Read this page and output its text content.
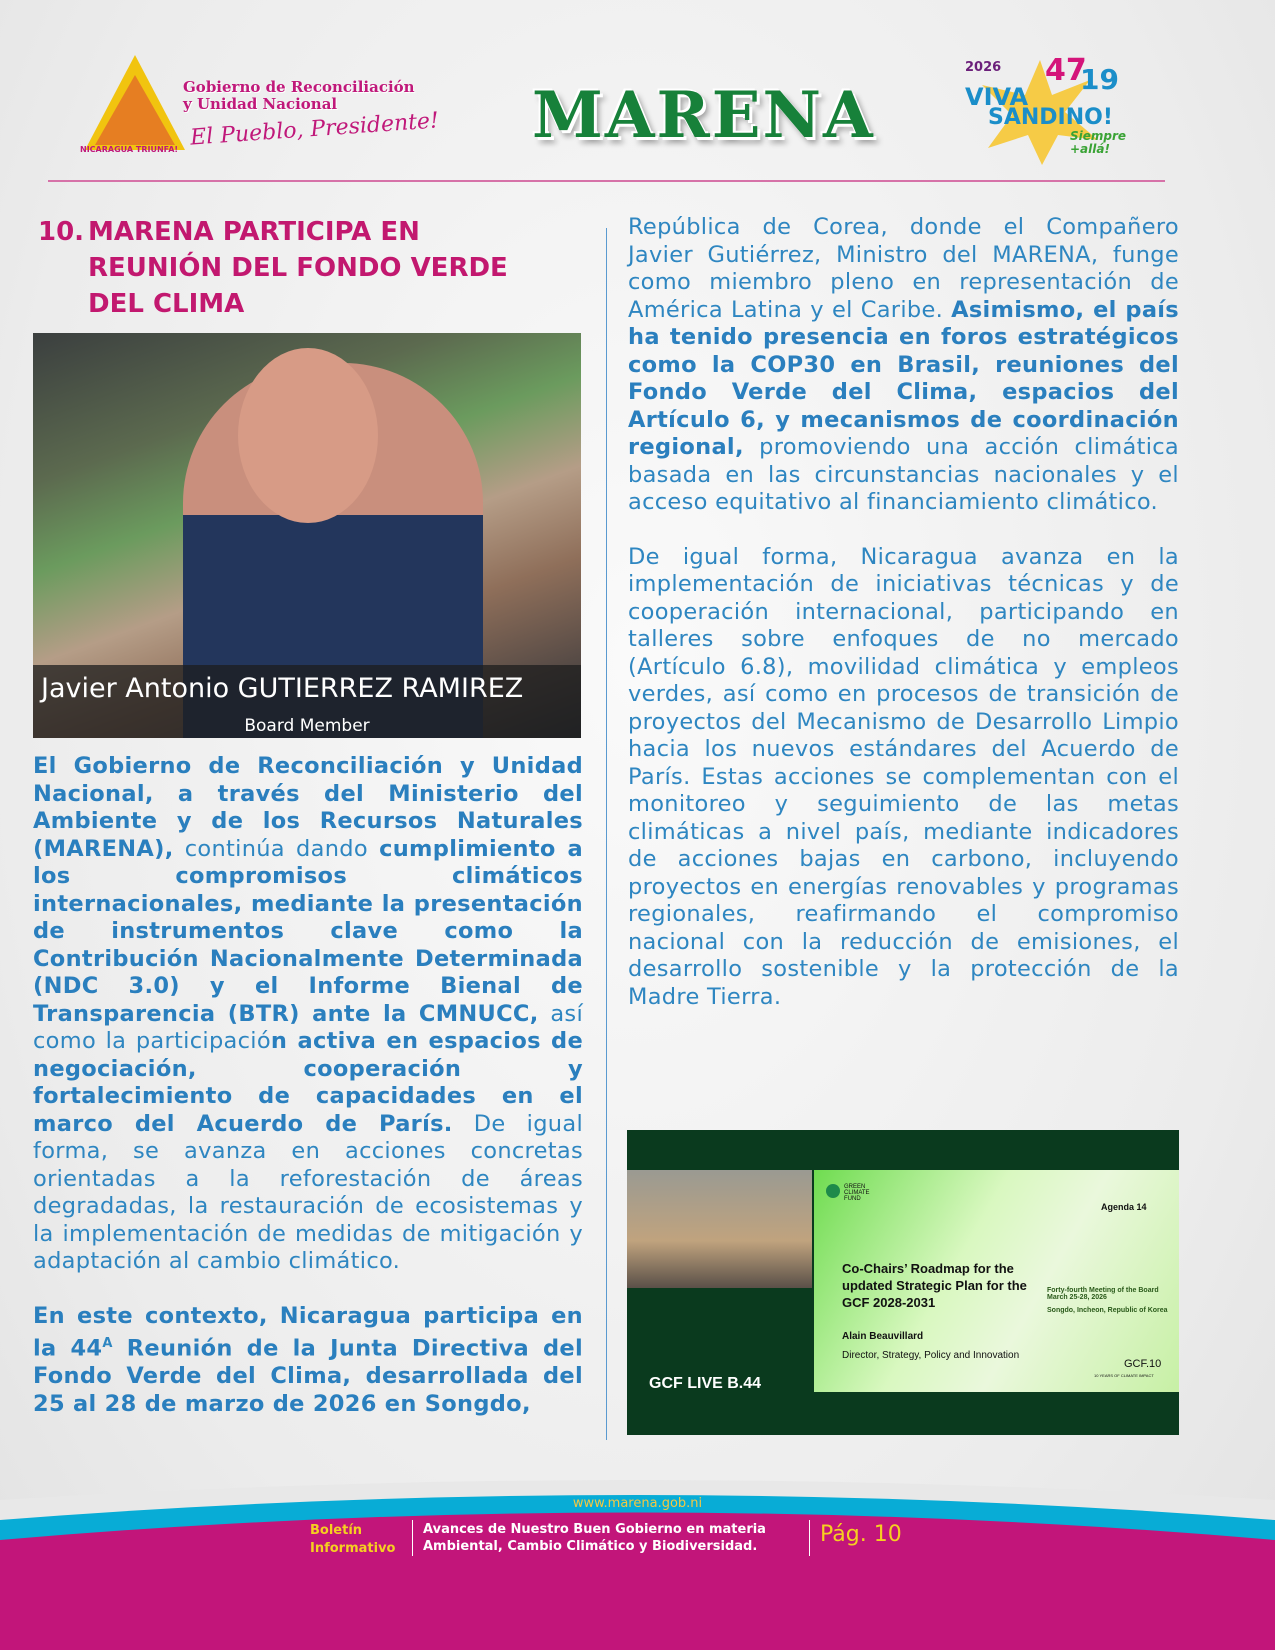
NICARAGUA TRIUNFA!
Gobierno de Reconciliación
y Unidad Nacional
El Pueblo, Presidente! MARENA
2026 47
19
VIVA
SANDINO!
Siempre +allá!
10. MARENA PARTICIPA EN
REUNIÓN DEL FONDO VERDE
DEL CLIMA
Javier Antonio GUTIERREZ RAMIREZ
Board Member

El Gobierno de Reconciliación y Unidad Nacional, a través del Ministerio del Ambiente y de los Recursos Naturales (MARENA), continúa dando cumplimiento a los compromisos climáticos internacionales, mediante la presentación de instrumentos clave como la Contribución Nacionalmente Determinada (NDC 3.0) y el Informe Bienal de Transparencia (BTR) ante la CMNUCC, así como la participación activa en espacios de negociación, cooperación y fortalecimiento de capacidades en el marco del Acuerdo de París. De igual forma, se avanza en acciones concretas orientadas a la reforestación de áreas degradadas, la restauración de ecosistemas y la implementación de medidas de mitigación y adaptación al cambio climático.

En este contexto, Nicaragua participa en la $44^A$ Reunión de la Junta Directiva del Fondo Verde del Clima, desarrollada del 25 al 28 de marzo de 2026 en Songdo,

República de Corea, donde el Compañero Javier Gutiérrez, Ministro del MARENA, funge como miembro pleno en representación de América Latina y el Caribe. Asimismo, el país ha tenido presencia en foros estratégicos como la COP30 en Brasil, reuniones del Fondo Verde del Clima, espacios del Artículo 6, y mecanismos de coordinación regional, promoviendo una acción climática basada en las circunstancias nacionales y el acceso equitativo al financiamiento climático.

De igual forma, Nicaragua avanza en la implementación de iniciativas técnicas y de cooperación internacional, participando en talleres sobre enfoques de no mercado (Artículo 6.8), movilidad climática y empleos verdes, así como en procesos de transición de proyectos del Mecanismo de Desarrollo Limpio hacia los nuevos estándares del Acuerdo de París. Estas acciones se complementan con el monitoreo y seguimiento de las metas climáticas a nivel país, mediante indicadores de acciones bajas en carbono, incluyendo proyectos en energías renovables y programas regionales, reafirmando el compromiso nacional con la reducción de emisiones, el desarrollo sostenible y la protección de la Madre Tierra.

GREEN CLIMATE FUND
Agenda 14
Co-Chairs’ Roadmap for the updated Strategic Plan for the GCF 2028-2031
Forty-fourth Meeting of the Board
March 25-28, 2026
Songdo, Incheon, Republic of Korea
Alain Beauvillard
Director, Strategy, Policy and Innovation
GCF.10
10 YEARS OF CLIMATE IMPACT
GCF LIVE B.44
www.marena.gob.ni
Boletín
Informativo
Avances de Nuestro Buen Gobierno en materia
Ambiental, Cambio Climático y Biodiversidad.	Pág. 10
